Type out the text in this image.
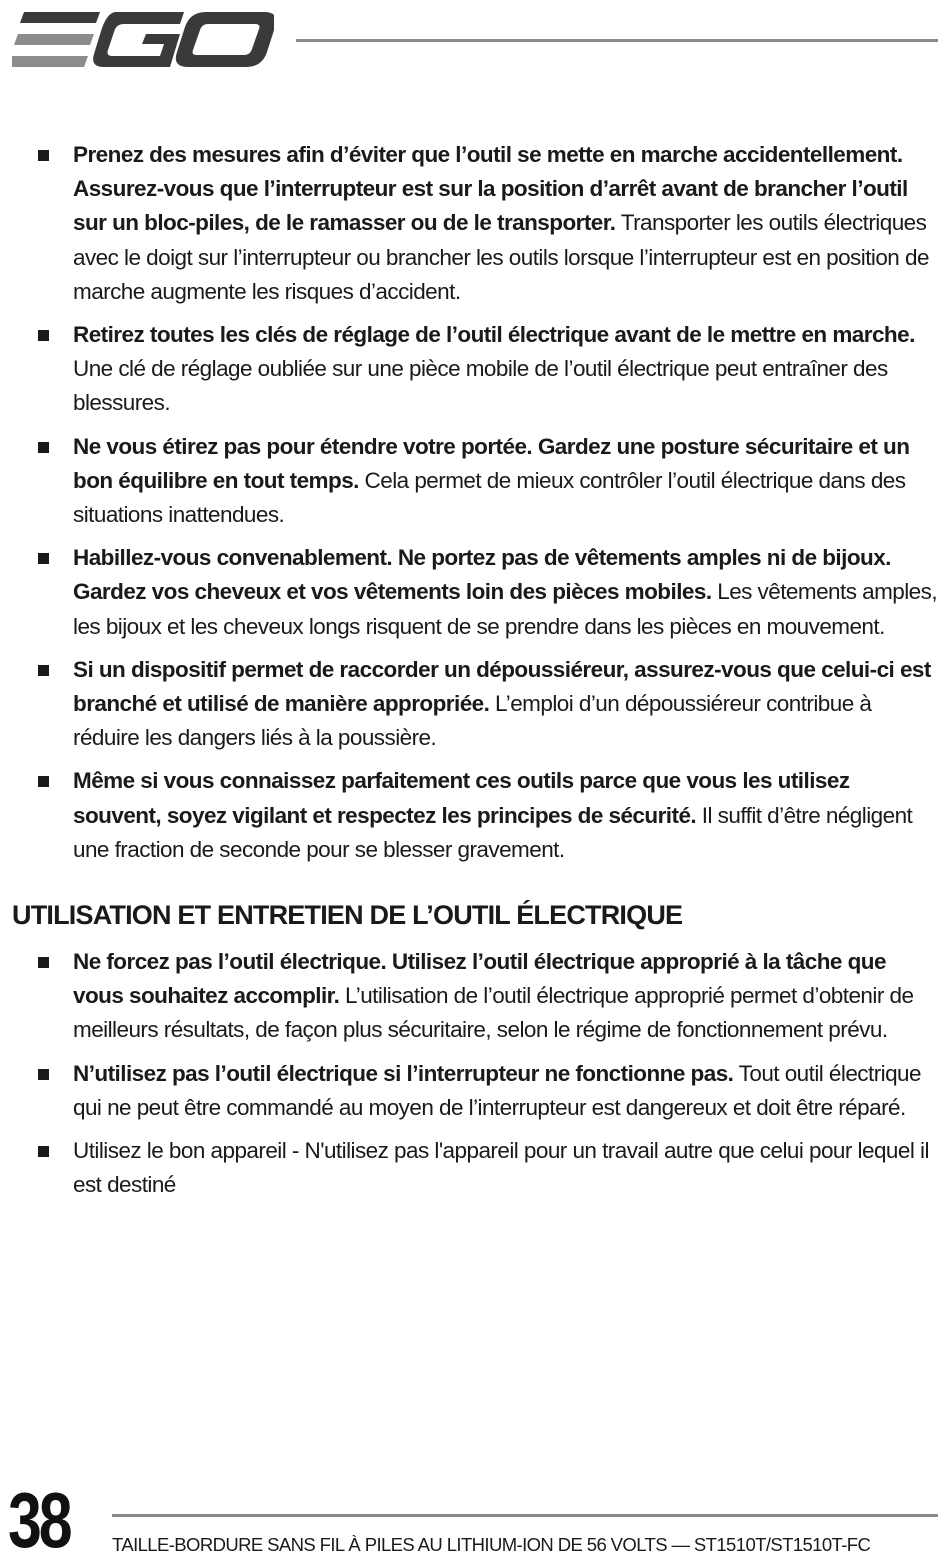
Prenez des mesures afin d’éviter que l’outil se mette en marche accidentellement. Assurez-vous que l’interrupteur est sur la position d’arrêt avant de brancher l’outil sur un bloc-piles, de le ramasser ou de le transporter. Transporter les outils électriques avec le doigt sur l’interrupteur ou brancher les outils lorsque l’interrupteur est en position de marche augmente les risques d’accident.
Retirez toutes les clés de réglage de l’outil électrique avant de le mettre en marche. Une clé de réglage oubliée sur une pièce mobile de l’outil électrique peut entraîner des blessures.
Ne vous étirez pas pour étendre votre portée. Gardez une posture sécuritaire et un bon équilibre en tout temps. Cela permet de mieux contrôler l’outil électrique dans des situations inattendues.
Habillez-vous convenablement. Ne portez pas de vêtements amples ni de bijoux. Gardez vos cheveux et vos vêtements loin des pièces mobiles. Les vêtements amples, les bijoux et les cheveux longs risquent de se prendre dans les pièces en mouvement.
Si un dispositif permet de raccorder un dépoussiéreur, assurez-vous que celui-ci est branché et utilisé de manière appropriée. L’emploi d’un dépoussiéreur contribue à réduire les dangers liés à la poussière.
Même si vous connaissez parfaitement ces outils parce que vous les utilisez souvent, soyez vigilant et respectez les principes de sécurité. Il suffit d’être négligent une fraction de seconde pour se blesser gravement.
UTILISATION ET ENTRETIEN DE L’OUTIL ÉLECTRIQUE
Ne forcez pas l’outil électrique. Utilisez l’outil électrique approprié à la tâche que vous souhaitez accomplir. L’utilisation de l’outil électrique approprié permet d’obtenir de meilleurs résultats, de façon plus sécuritaire, selon le régime de fonctionnement prévu.
N’utilisez pas l’outil électrique si l’interrupteur ne fonctionne pas. Tout outil électrique qui ne peut être commandé au moyen de l’interrupteur est dangereux et doit être réparé.
Utilisez le bon appareil - N'utilisez pas l'appareil pour un travail autre que celui pour lequel il est destiné
38 TAILLE-BORDURE SANS FIL À PILES AU LITHIUM-ION DE 56 VOLTS — ST1510T/ST1510T-FC
